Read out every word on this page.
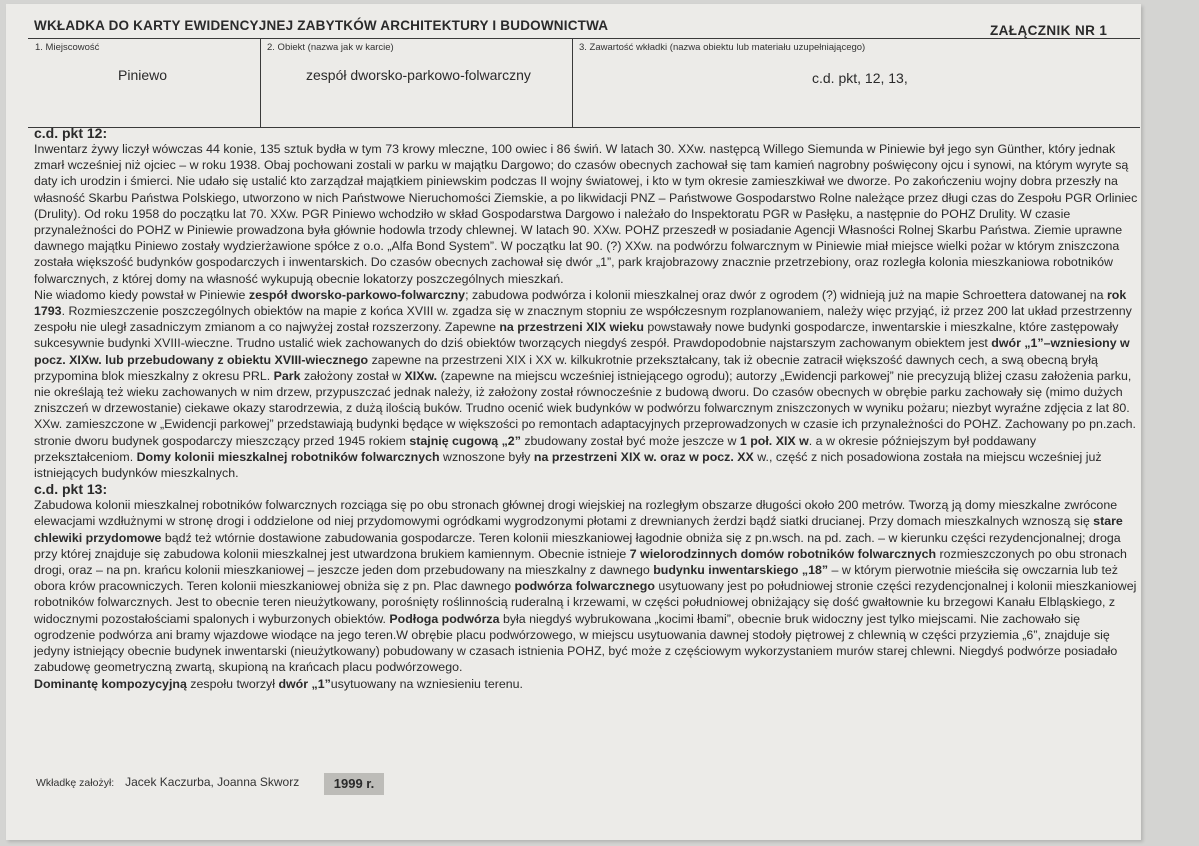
WKŁADKA DO KARTY EWIDENCYJNEJ ZABYTKÓW ARCHITEKTURY I BUDOWNICTWA	ZAŁĄCZNIK NR 1
1. Miejscowość
Piniewo
2. Obiekt (nazwa jak w karcie)
zespół dworsko-parkowo-folwarczny
3. Zawartość wkładki (nazwa obiektu lub materiału uzupełniającego)
c.d. pkt, 12, 13,
c.d. pkt 12:

Inwentarz żywy liczył wówczas 44 konie, 135 sztuk bydła w tym 73 krowy mleczne, 100 owiec i 86 świń. W latach 30. XXw. następcą Willego Siemunda w Piniewie był jego syn Günther, który jednak zmarł wcześniej niż ojciec – w roku 1938. Obaj pochowani zostali w parku w majątku Dargowo; do czasów obecnych zachował się tam kamień nagrobny poświęcony ojcu i synowi, na którym wyryte są daty ich urodzin i śmierci. Nie udało się ustalić kto zarządzał majątkiem piniewskim podczas II wojny światowej, i kto w tym okresie zamieszkiwał we dworze. Po zakończeniu wojny dobra przeszły na własność Skarbu Państwa Polskiego, utworzono w nich Państwowe Nieruchomości Ziemskie, a po likwidacji PNZ – Państwowe Gospodarstwo Rolne należące przez długi czas do Zespołu PGR Orliniec (Drulity). Od roku 1958 do początku lat 70. XXw. PGR Piniewo wchodziło w skład Gospodarstwa Dargowo i należało do Inspektoratu PGR w Pasłęku, a następnie do POHZ Drulity. W czasie przynależności do POHZ w Piniewie prowadzona była głównie hodowla trzody chlewnej. W latach 90. XXw. POHZ przeszedł w posiadanie Agencji Własności Rolnej Skarbu Państwa. Ziemie uprawne dawnego majątku Piniewo zostały wydzierżawione spółce z o.o. „Alfa Bond System”. W początku lat 90. (?) XXw. na podwórzu folwarcznym w Piniewie miał miejsce wielki pożar w którym zniszczona została większość budynków gospodarczych i inwentarskich. Do czasów obecnych zachował się dwór „1”, park krajobrazowy znacznie przetrzebiony, oraz rozległa kolonia mieszkaniowa robotników folwarcznych, z której domy na własność wykupują obecnie lokatorzy poszczególnych mieszkań.

Nie wiadomo kiedy powstał w Piniewie zespół dworsko-parkowo-folwarczny; zabudowa podwórza i kolonii mieszkalnej oraz dwór z ogrodem (?) widnieją już na mapie Schroettera datowanej na rok 1793. Rozmieszczenie poszczególnych obiektów na mapie z końca XVIII w. zgadza się w znacznym stopniu ze współczesnym rozplanowaniem, należy więc przyjąć, iż przez 200 lat układ przestrzenny zespołu nie uległ zasadniczym zmianom a co najwyżej został rozszerzony. Zapewne na przestrzeni XIX wieku powstawały nowe budynki gospodarcze, inwentarskie i mieszkalne, które zastępowały sukcesywnie budynki XVIII-wieczne. Trudno ustalić wiek zachowanych do dziś obiektów tworzących niegdyś zespół. Prawdopodobnie najstarszym zachowanym obiektem jest dwór „1”–wzniesiony w pocz. XIXw. lub przebudowany z obiektu XVIII-wiecznego zapewne na przestrzeni XIX i XX w. kilkukrotnie przekształcany, tak iż obecnie zatracił większość dawnych cech, a swą obecną bryłą przypomina blok mieszkalny z okresu PRL. Park założony został w XIXw. (zapewne na miejscu wcześniej istniejącego ogrodu); autorzy „Ewidencji parkowej” nie precyzują bliżej czasu założenia parku, nie określają też wieku zachowanych w nim drzew, przypuszczać jednak należy, iż założony został równocześnie z budową dworu. Do czasów obecnych w obrębie parku zachowały się (mimo dużych zniszczeń w drzewostanie) ciekawe okazy starodrzewia, z dużą ilością buków. Trudno ocenić wiek budynków w podwórzu folwarcznym zniszczonych w wyniku pożaru; niezbyt wyraźne zdjęcia z lat 80. XXw. zamieszczone w „Ewidencji parkowej” przedstawiają budynki będące w większości po remontach adaptacyjnych przeprowadzonych w czasie ich przynależności do POHZ. Zachowany po pn.zach. stronie dworu budynek gospodarczy mieszczący przed 1945 rokiem stajnię cugową „2” zbudowany został być może jeszcze w 1 poł. XIX w. a w okresie późniejszym był poddawany przekształceniom. Domy kolonii mieszkalnej robotników folwarcznych wznoszone były na przestrzeni XIX w. oraz w pocz. XX w., część z nich posadowiona została na miejscu wcześniej już istniejących budynków mieszkalnych.

c.d. pkt 13:

Zabudowa kolonii mieszkalnej robotników folwarcznych rozciąga się po obu stronach głównej drogi wiejskiej na rozległym obszarze długości około 200 metrów. Tworzą ją domy mieszkalne zwrócone elewacjami wzdłużnymi w stronę drogi i oddzielone od niej przydomowymi ogródkami wygrodzonymi płotami z drewnianych żerdzi bądź siatki drucianej. Przy domach mieszkalnych wznoszą się stare chlewiki przydomowe bądź też wtórnie dostawione zabudowania gospodarcze. Teren kolonii mieszkaniowej łagodnie obniża się z pn.wsch. na pd. zach. – w kierunku części rezydencjonalnej; droga przy której znajduje się zabudowa kolonii mieszkalnej jest utwardzona brukiem kamiennym. Obecnie istnieje 7 wielorodzinnych domów robotników folwarcznych rozmieszczonych po obu stronach drogi, oraz – na pn. krańcu kolonii mieszkaniowej – jeszcze jeden dom przebudowany na mieszkalny z dawnego budynku inwentarskiego „18” – w którym pierwotnie mieściła się owczarnia lub też obora krów pracowniczych. Teren kolonii mieszkaniowej obniża się z pn. Plac dawnego podwórza folwarcznego usytuowany jest po południowej stronie części rezydencjonalnej i kolonii mieszkaniowej robotników folwarcznych. Jest to obecnie teren nieużytkowany, porośnięty roślinnością ruderalną i krzewami, w części południowej obniżający się dość gwałtownie ku brzegowi Kanału Elbląskiego, z widocznymi pozostałościami spalonych i wyburzonych obiektów. Podłoga podwórza była niegdyś wybrukowana „kocimi łbami”, obecnie bruk widoczny jest tylko miejscami. Nie zachowało się ogrodzenie podwórza ani bramy wjazdowe wiodące na jego teren.W obrębie placu podwórzowego, w miejscu usytuowania dawnej stodoły piętrowej z chlewnią w części przyziemia „6”, znajduje się jedyny istniejący obecnie budynek inwentarski (nieużytkowany) pobudowany w czasach istnienia POHZ, być może z częściowym wykorzystaniem murów starej chlewni. Niegdyś podwórze posiadało zabudowę geometryczną zwartą, skupioną na krańcach placu podwórzowego.

Dominantę kompozycyjną zespołu tworzył dwór „1”usytuowany na wzniesieniu terenu.

Wkładkę założył: Jacek Kaczurba, Joanna Skworz	1999 r.
